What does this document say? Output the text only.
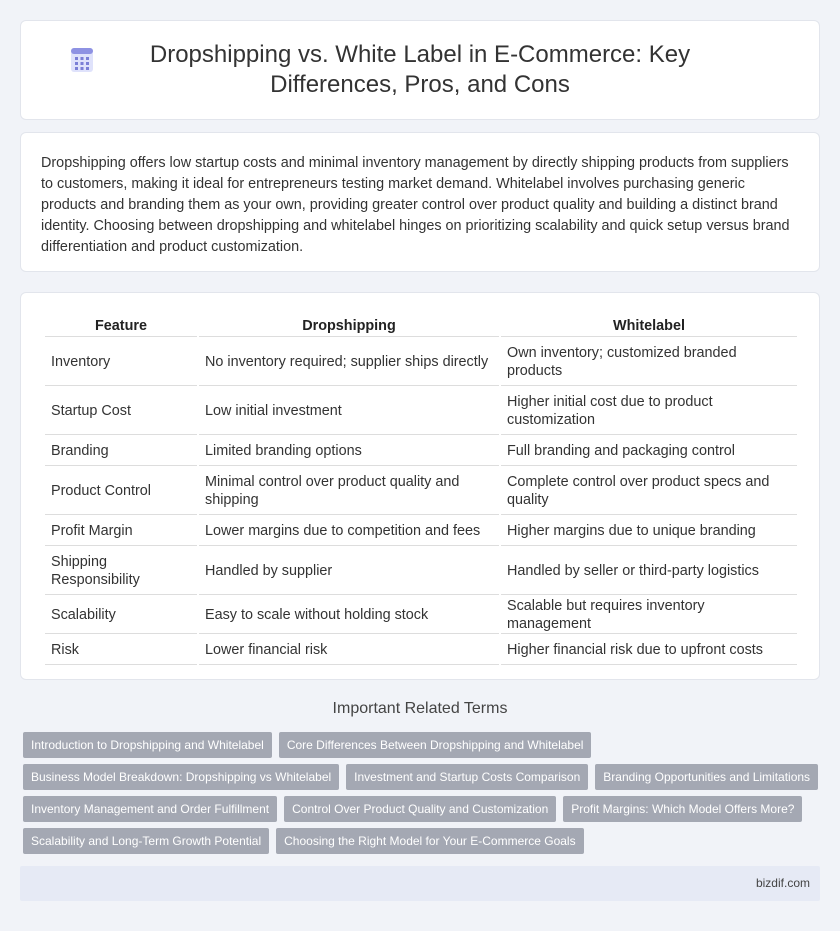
Dropshipping vs. White Label in E-Commerce: Key Differences, Pros, and Cons

Dropshipping offers low startup costs and minimal inventory management by directly shipping products from suppliers to customers, making it ideal for entrepreneurs testing market demand. Whitelabel involves purchasing generic products and branding them as your own, providing greater control over product quality and building a distinct brand identity. Choosing between dropshipping and whitelabel hinges on prioritizing scalability and quick setup versus brand differentiation and product customization.

Feature	Dropshipping	Whitelabel
Inventory	No inventory required; supplier ships directly	Own inventory; customized branded products
Startup Cost	Low initial investment	Higher initial cost due to product customization
Branding	Limited branding options	Full branding and packaging control
Product Control	Minimal control over product quality and shipping	Complete control over product specs and quality
Profit Margin	Lower margins due to competition and fees	Higher margins due to unique branding
Shipping Responsibility	Handled by supplier	Handled by seller or third-party logistics
Scalability	Easy to scale without holding stock	Scalable but requires inventory management
Risk	Lower financial risk	Higher financial risk due to upfront costs
Important Related Terms
Introduction to Dropshipping and Whitelabel	Core Differences Between Dropshipping and Whitelabel
Business Model Breakdown: Dropshipping vs Whitelabel	Investment and Startup Costs Comparison	Branding Opportunities and Limitations
Inventory Management and Order Fulfillment	Control Over Product Quality and Customization	Profit Margins: Which Model Offers More?
Scalability and Long-Term Growth Potential	Choosing the Right Model for Your E-Commerce Goals
bizdif.com
